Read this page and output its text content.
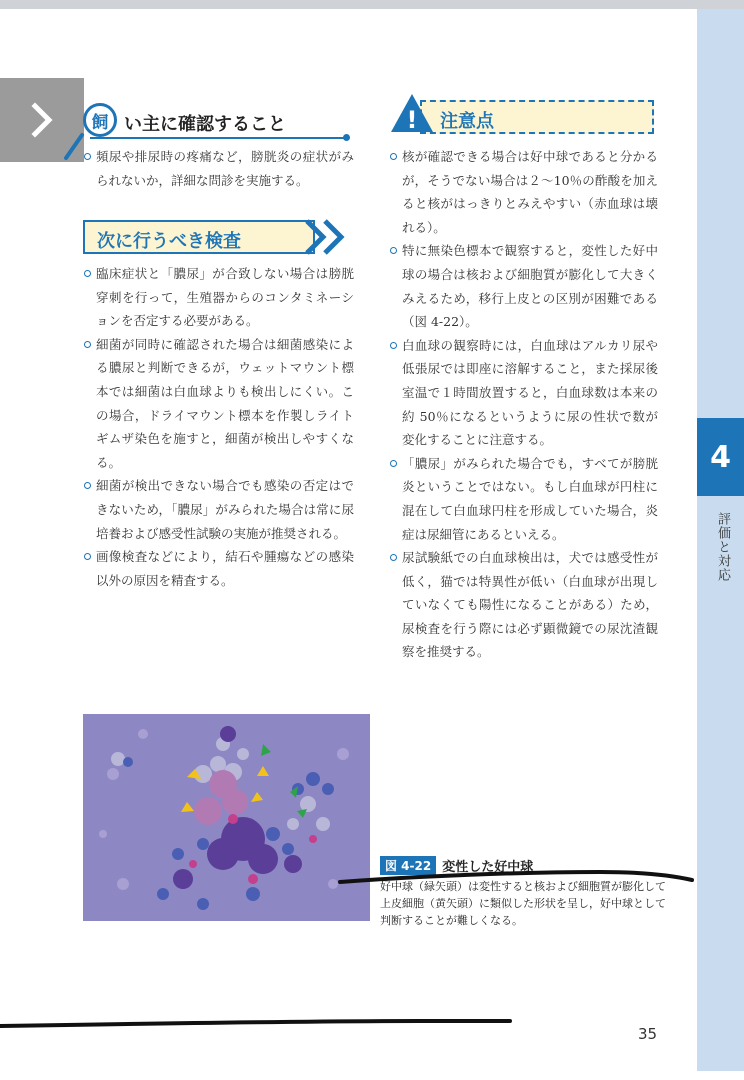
飼 い主に確認すること
頻尿や排尿時の疼痛など，膀胱炎の症状がみられないか，詳細な問診を実施する。
次に行うべき検査
臨床症状と「膿尿」が合致しない場合は膀胱穿刺を行って，生殖器からのコンタミネーションを否定する必要がある。
細菌が同時に確認された場合は細菌感染による膿尿と判断できるが，ウェットマウント標本では細菌は白血球よりも検出しにくい。この場合，ドライマウント標本を作製しライトギムザ染色を施すと，細菌が検出しやすくなる。
細菌が検出できない場合でも感染の否定はできないため，「膿尿」がみられた場合は常に尿培養および感受性試験の実施が推奨される。
画像検査などにより，結石や腫瘍などの感染以外の原因を精査する。
注意点
!
核が確認できる場合は好中球であると分かるが，そうでない場合は２～10％の酢酸を加えると核がはっきりとみえやすい（赤血球は壊れる）。
特に無染色標本で観察すると，変性した好中球の場合は核および細胞質が膨化して大きくみえるため，移行上皮との区別が困難である（図 4-22）。
白血球の観察時には，白血球はアルカリ尿や低張尿では即座に溶解すること，また採尿後室温で１時間放置すると，白血球数は本来の約 50％になるというように尿の性状で数が変化することに注意する。
「膿尿」がみられた場合でも，すべてが膀胱炎ということではない。もし白血球が円柱に混在して白血球円柱を形成していた場合，炎症は尿細管にあるといえる。
尿試験紙での白血球検出は，犬では感受性が低く，猫では特異性が低い（白血球が出現していなくても陽性になることがある）ため，尿検査を行う際には必ず顕微鏡での尿沈渣観察を推奨する。
図 4-22 変性した好中球
好中球（緑矢頭）は変性すると核および細胞質が膨化して上皮細胞（黄矢頭）に類似した形状を呈し，好中球として判断することが難しくなる。
4
評価と対応
35
